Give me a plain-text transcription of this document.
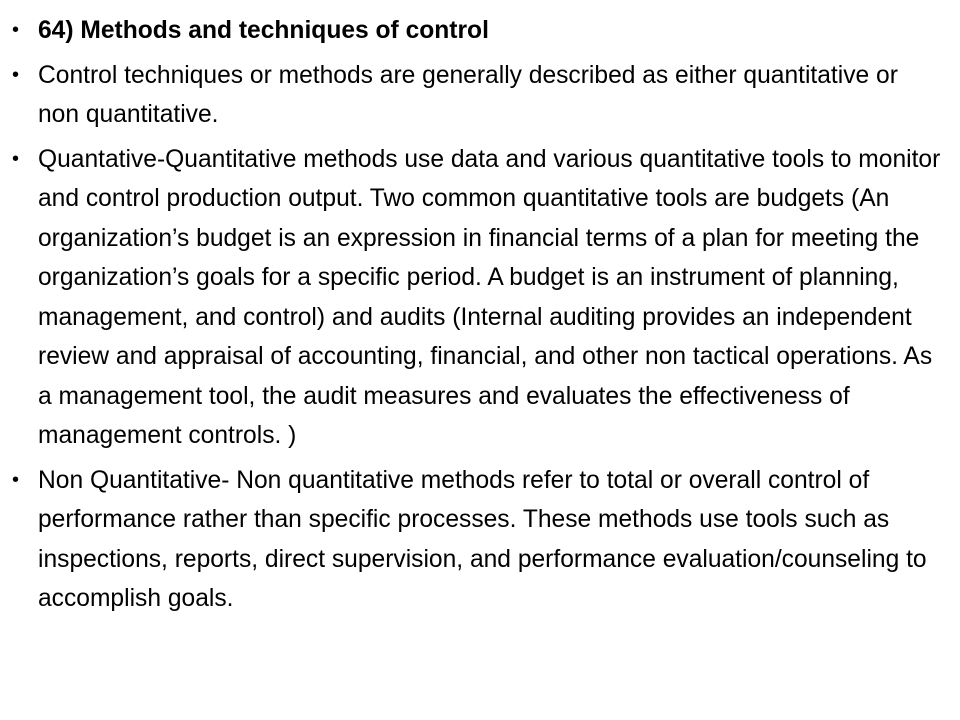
• 64) Methods and techniques of control
• Control techniques or methods are generally described as either quantitative or non quantitative.
• Quantative-Quantitative methods use data and various quantitative tools to monitor and control production output. Two common quantitative tools are budgets (An organization’s budget is an expression in financial terms of a plan for meeting the organization’s goals for a specific period. A budget is an instrument of planning, management, and control) and audits (Internal auditing provides an independent review and appraisal of accounting, financial, and other non tactical operations. As a management tool, the audit measures and evaluates the effectiveness of management controls. )
• Non Quantitative- Non quantitative methods refer to total or overall control of performance rather than specific processes. These methods use tools such as inspections, reports, direct supervision, and performance evaluation/counseling to accomplish goals.
